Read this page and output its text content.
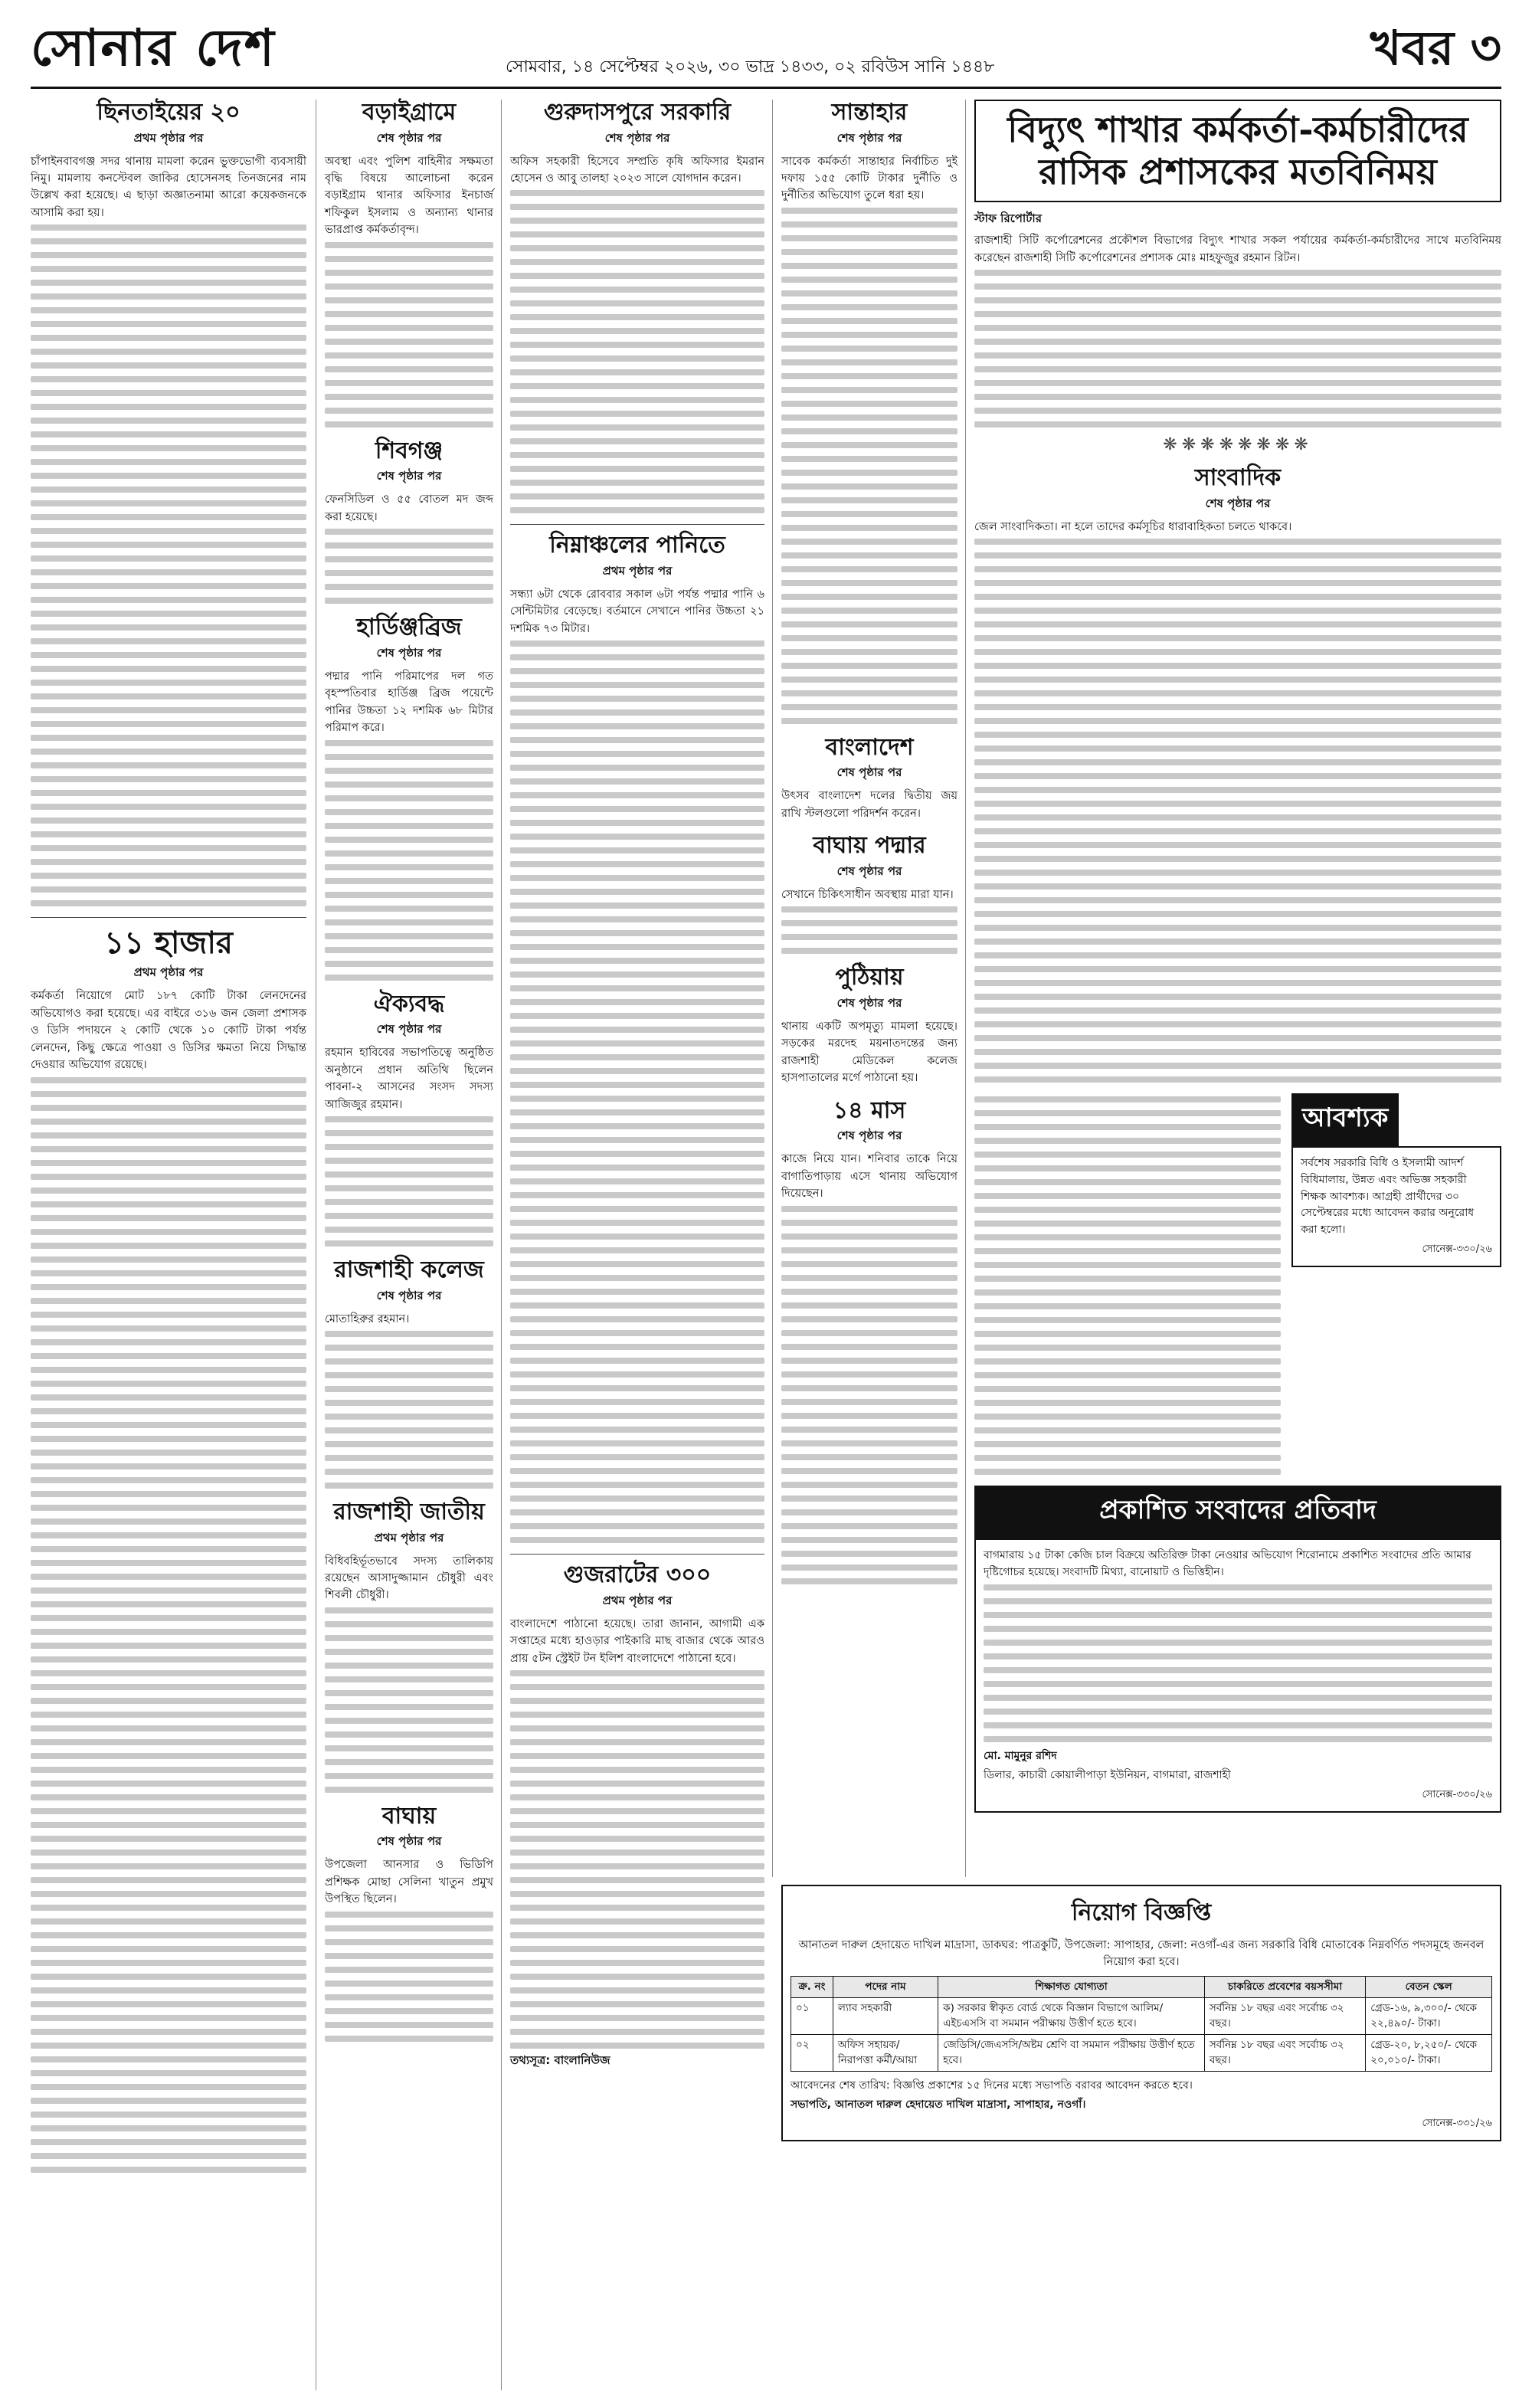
সোনার দেশ	সোমবার, ১৪ সেপ্টেম্বর ২০২৬, ৩০ ভাদ্র ১৪৩৩, ০২ রবিউস সানি ১৪৪৮	খবর ৩
ছিনতাইয়ের ২০
প্রথম পৃষ্ঠার পর

চাঁপাইনবাবগঞ্জ সদর থানায় মামলা করেন ভুক্তভোগী ব্যবসায়ী নিমু। মামলায় কনস্টেবল জাকির হোসেনসহ তিনজনের নাম উল্লেখ করা হয়েছে। এ ছাড়া অজ্ঞাতনামা আরো কয়েকজনকে আসামি করা হয়।

১১ হাজার
প্রথম পৃষ্ঠার পর

কর্মকর্তা নিয়োগে মোট ১৮৭ কোটি টাকা লেনদেনের অভিযোগও করা হয়েছে। এর বাইরে ৩১৬ জন জেলা প্রশাসক ও ডিসি পদায়নে ২ কোটি থেকে ১০ কোটি টাকা পর্যন্ত লেনদেন, কিছু ক্ষেত্রে পাওয়া ও ডিসির ক্ষমতা নিয়ে সিদ্ধান্ত দেওয়ার অভিযোগ রয়েছে।

বড়াইগ্রামে
শেষ পৃষ্ঠার পর

অবস্থা এবং পুলিশ বাহিনীর সক্ষমতা বৃদ্ধি বিষয়ে আলোচনা করেন বড়াইগ্রাম থানার অফিসার ইনচার্জ শফিকুল ইসলাম ও অন্যান্য থানার ভারপ্রাপ্ত কর্মকর্তাবৃন্দ।

শিবগঞ্জ
শেষ পৃষ্ঠার পর

ফেনসিডিল ও ৫৫ বোতল মদ জব্দ করা হয়েছে।

হার্ডিঞ্জব্রিজ
শেষ পৃষ্ঠার পর

পদ্মার পানি পরিমাপের দল গত বৃহস্পতিবার হার্ডিঞ্জ ব্রিজ পয়েন্টে পানির উচ্চতা ১২ দশমিক ৬৮ মিটার পরিমাপ করে।

ঐক্যবদ্ধ
শেষ পৃষ্ঠার পর

রহমান হাবিবের সভাপতিত্বে অনুষ্ঠিত অনুষ্ঠানে প্রধান অতিথি ছিলেন পাবনা-২ আসনের সংসদ সদস্য আজিজুর রহমান।

রাজশাহী কলেজ
শেষ পৃষ্ঠার পর

মোতাহিরুর রহমান।

রাজশাহী জাতীয়
প্রথম পৃষ্ঠার পর

বিধিবহির্ভূতভাবে সদস্য তালিকায় রয়েছেন আসাদুজ্জামান চৌধুরী এবং শিবলী চৌধুরী।

বাঘায়
শেষ পৃষ্ঠার পর

উপজেলা আনসার ও ভিডিপি প্রশিক্ষক মোছা সেলিনা খাতুন প্রমুখ উপস্থিত ছিলেন।

গুরুদাসপুরে সরকারি
শেষ পৃষ্ঠার পর

অফিস সহকারী হিসেবে সম্প্রতি কৃষি অফিসার ইমরান হোসেন ও আবু তালহা ২০২৩ সালে যোগদান করেন।

নিম্নাঞ্চলের পানিতে
প্রথম পৃষ্ঠার পর

সন্ধ্যা ৬টা থেকে রোববার সকাল ৬টা পর্যন্ত পদ্মার পানি ৬ সেন্টিমিটার বেড়েছে। বর্তমানে সেখানে পানির উচ্চতা ২১ দশমিক ৭৩ মিটার।

গুজরাটের ৩০০
প্রথম পৃষ্ঠার পর

বাংলাদেশে পাঠানো হয়েছে। তারা জানান, আগামী এক সপ্তাহের মধ্যে হাওড়ার পাইকারি মাছ বাজার থেকে আরও প্রায় ৫টন স্ট্রেইট টন ইলিশ বাংলাদেশে পাঠানো হবে।

তথ্যসূত্র: বাংলানিউজ
সান্তাহার
শেষ পৃষ্ঠার পর

সাবেক কর্মকর্তা সান্তাহার নির্বাচিত দুই দফায় ১৫৫ কোটি টাকার দুর্নীতি ও দুর্নীতির অভিযোগ তুলে ধরা হয়।

বাংলাদেশ
শেষ পৃষ্ঠার পর

উৎসব বাংলাদেশ দলের দ্বিতীয় জয় রাখি স্টলগুলো পরিদর্শন করেন।

বাঘায় পদ্মার
শেষ পৃষ্ঠার পর

সেখানে চিকিৎসাধীন অবস্থায় মারা যান।

পুঠিয়ায়
শেষ পৃষ্ঠার পর

থানায় একটি অপমৃত্যু মামলা হয়েছে। সড়কের মরদেহ ময়নাতদন্তের জন্য রাজশাহী মেডিকেল কলেজ হাসপাতালের মর্গে পাঠানো হয়।

১৪ মাস
শেষ পৃষ্ঠার পর

কাজে নিয়ে যান। শনিবার তাকে নিয়ে বাগাতিপাড়ায় এসে থানায় অভিযোগ দিয়েছেন।

বিদ্যুৎ শাখার কর্মকর্তা-কর্মচারীদের রাসিক প্রশাসকের মতবিনিময়
স্টাফ রিপোর্টার

রাজশাহী সিটি কর্পোরেশনের প্রকৌশল বিভাগের বিদ্যুৎ শাখার সকল পর্যায়ের কর্মকর্তা-কর্মচারীদের সাথে মতবিনিময় করেছেন রাজশাহী সিটি কর্পোরেশনের প্রশাসক মোঃ মাহফুজুর রহমান রিটন।

❋❋❋❋❋❋❋❋
সাংবাদিক
শেষ পৃষ্ঠার পর

জেল সাংবাদিকতা। না হলে তাদের কর্মসূচির ধারাবাহিকতা চলতে থাকবে।

আবশ্যক

সর্বশেষ সরকারি বিধি ও ইসলামী আদর্শ বিধিমালায়, উন্নত এবং অভিজ্ঞ সহকারী শিক্ষক আবশ্যক। আগ্রহী প্রার্থীদের ৩০ সেপ্টেম্বরের মধ্যে আবেদন করার অনুরোধ করা হলো।

সোনেক্স-৩৩০/২৬
প্রকাশিত সংবাদের প্রতিবাদ

বাগমারায় ১৫ টাকা কেজি চাল বিক্রয়ে অতিরিক্ত টাকা নেওয়ার অভিযোগ শিরোনামে প্রকাশিত সংবাদের প্রতি আমার দৃষ্টিগোচর হয়েছে। সংবাদটি মিথ্যা, বানোয়াট ও ভিত্তিহীন।

মো. মামুনুর রশিদ

ডিলার, কাচারী কোয়ালীপাড়া ইউনিয়ন, বাগমারা, রাজশাহী

সোনেক্স-৩৩০/২৬
নিয়োগ বিজ্ঞপ্তি
আনাতল দারুল হেদায়েত দাখিল মাদ্রাসা, ডাকঘর: পাত্রকুটি, উপজেলা: সাপাহার, জেলা: নওগাঁ-এর জন্য সরকারি বিধি মোতাবেক নিম্নবর্ণিত পদসমূহে জনবল নিয়োগ করা হবে।
ক্র. নং	পদের নাম	শিক্ষাগত যোগ্যতা	চাকরিতে প্রবেশের বয়সসীমা	বেতন স্কেল
০১	ল্যাব সহকারী	ক) সরকার স্বীকৃত বোর্ড থেকে বিজ্ঞান বিভাগে আলিম/এইচএসসি বা সমমান পরীক্ষায় উত্তীর্ণ হতে হবে।	সর্বনিম্ন ১৮ বছর এবং সর্বোচ্চ ৩২ বছর।	গ্রেড-১৬, ৯,৩০০/- থেকে ২২,৪৯০/- টাকা।
০২	অফিস সহায়ক/নিরাপত্তা কর্মী/আয়া	জেডিসি/জেএসসি/অষ্টম শ্রেণি বা সমমান পরীক্ষায় উত্তীর্ণ হতে হবে।	সর্বনিম্ন ১৮ বছর এবং সর্বোচ্চ ৩২ বছর।	গ্রেড-২০, ৮,২৫০/- থেকে ২০,০১০/- টাকা।

আবেদনের শেষ তারিখ: বিজ্ঞপ্তি প্রকাশের ১৫ দিনের মধ্যে সভাপতি বরাবর আবেদন করতে হবে।

সভাপতি, আনাতল দারুল হেদায়েত দাখিল মাদ্রাসা, সাপাহার, নওগাঁ।

সোনেক্স-৩৩১/২৬
